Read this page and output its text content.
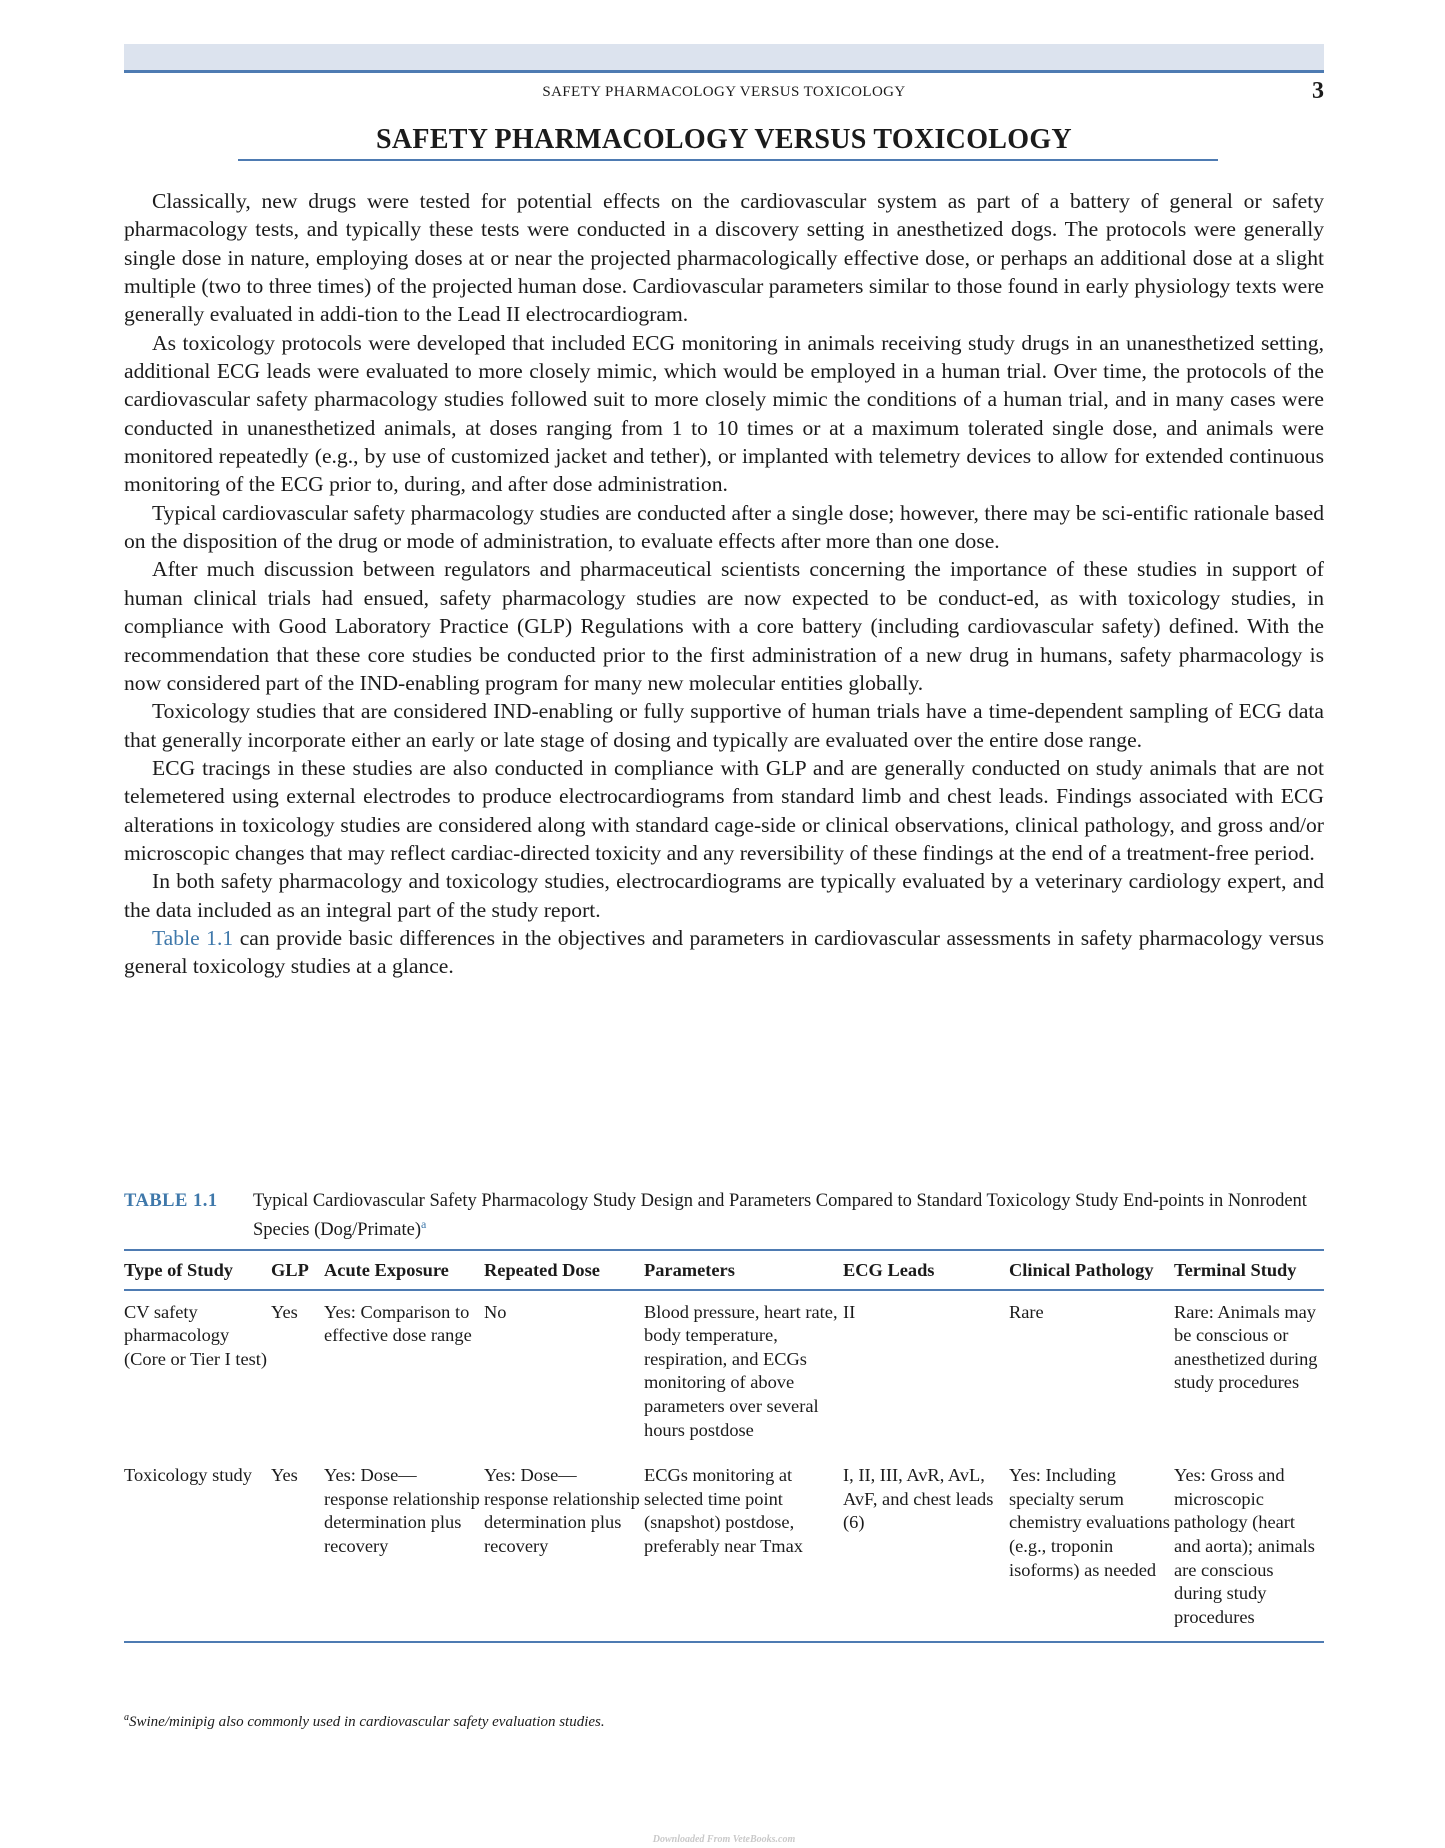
SAFETY PHARMACOLOGY VERSUS TOXICOLOGY	3
SAFETY PHARMACOLOGY VERSUS TOXICOLOGY

Classically, new drugs were tested for potential effects on the cardiovascular system as part of a battery of general or safety pharmacology tests, and typically these tests were conducted in a discovery setting in anesthetized dogs. The protocols were generally single dose in nature, employing doses at or near the projected pharmacologically effective dose, or perhaps an additional dose at a slight multiple (two to three times) of the projected human dose. Cardiovascular parameters similar to those found in early physiology texts were generally evaluated in addi-tion to the Lead II electrocardiogram.

As toxicology protocols were developed that included ECG monitoring in animals receiving study drugs in an unanesthetized setting, additional ECG leads were evaluated to more closely mimic, which would be employed in a human trial. Over time, the protocols of the cardiovascular safety pharmacology studies followed suit to more closely mimic the conditions of a human trial, and in many cases were conducted in unanesthetized animals, at doses ranging from 1 to 10 times or at a maximum tolerated single dose, and animals were monitored repeatedly (e.g., by use of customized jacket and tether), or implanted with telemetry devices to allow for extended continuous monitoring of the ECG prior to, during, and after dose administration.

Typical cardiovascular safety pharmacology studies are conducted after a single dose; however, there may be sci-entific rationale based on the disposition of the drug or mode of administration, to evaluate effects after more than one dose.

After much discussion between regulators and pharmaceutical scientists concerning the importance of these studies in support of human clinical trials had ensued, safety pharmacology studies are now expected to be conduct-ed, as with toxicology studies, in compliance with Good Laboratory Practice (GLP) Regulations with a core battery (including cardiovascular safety) defined. With the recommendation that these core studies be conducted prior to the first administration of a new drug in humans, safety pharmacology is now considered part of the IND-enabling program for many new molecular entities globally.

Toxicology studies that are considered IND-enabling or fully supportive of human trials have a time-dependent sampling of ECG data that generally incorporate either an early or late stage of dosing and typically are evaluated over the entire dose range.

ECG tracings in these studies are also conducted in compliance with GLP and are generally conducted on study animals that are not telemetered using external electrodes to produce electrocardiograms from standard limb and chest leads. Findings associated with ECG alterations in toxicology studies are considered along with standard cage-side or clinical observations, clinical pathology, and gross and/or microscopic changes that may reflect cardiac-directed toxicity and any reversibility of these findings at the end of a treatment-free period.

In both safety pharmacology and toxicology studies, electrocardiograms are typically evaluated by a veterinary cardiology expert, and the data included as an integral part of the study report.

Table 1.1 can provide basic differences in the objectives and parameters in cardiovascular assessments in safety pharmacology versus general toxicology studies at a glance.

TABLE 1.1 Typical Cardiovascular Safety Pharmacology Study Design and Parameters Compared to Standard Toxicology Study End-points in Nonrodent Species (Dog/Primate)$^a$
Type of Study	GLP	Acute Exposure	Repeated Dose	Parameters	ECG Leads	Clinical Pathology	Terminal Study
CV safety pharmacology (Core or Tier I test)	Yes	Yes: Comparison to effective dose range	No	Blood pressure, heart rate, body temperature, respiration, and ECGs monitoring of above parameters over several hours postdose	II	Rare	Rare: Animals may be conscious or anesthetized during study procedures
Toxicology study	Yes	Yes: Dose— response relationship determination plus recovery	Yes: Dose— response relationship determination plus recovery	ECGs monitoring at selected time point (snapshot) postdose, preferably near Tmax	I, II, III, AvR, AvL, AvF, and chest leads (6)	Yes: Including specialty serum chemistry evaluations (e.g., troponin isoforms) as needed	Yes: Gross and microscopic pathology (heart and aorta); animals are conscious during study procedures
$^a$Swine/minipig also commonly used in cardiovascular safety evaluation studies.
Downloaded From VeteBooks.com
